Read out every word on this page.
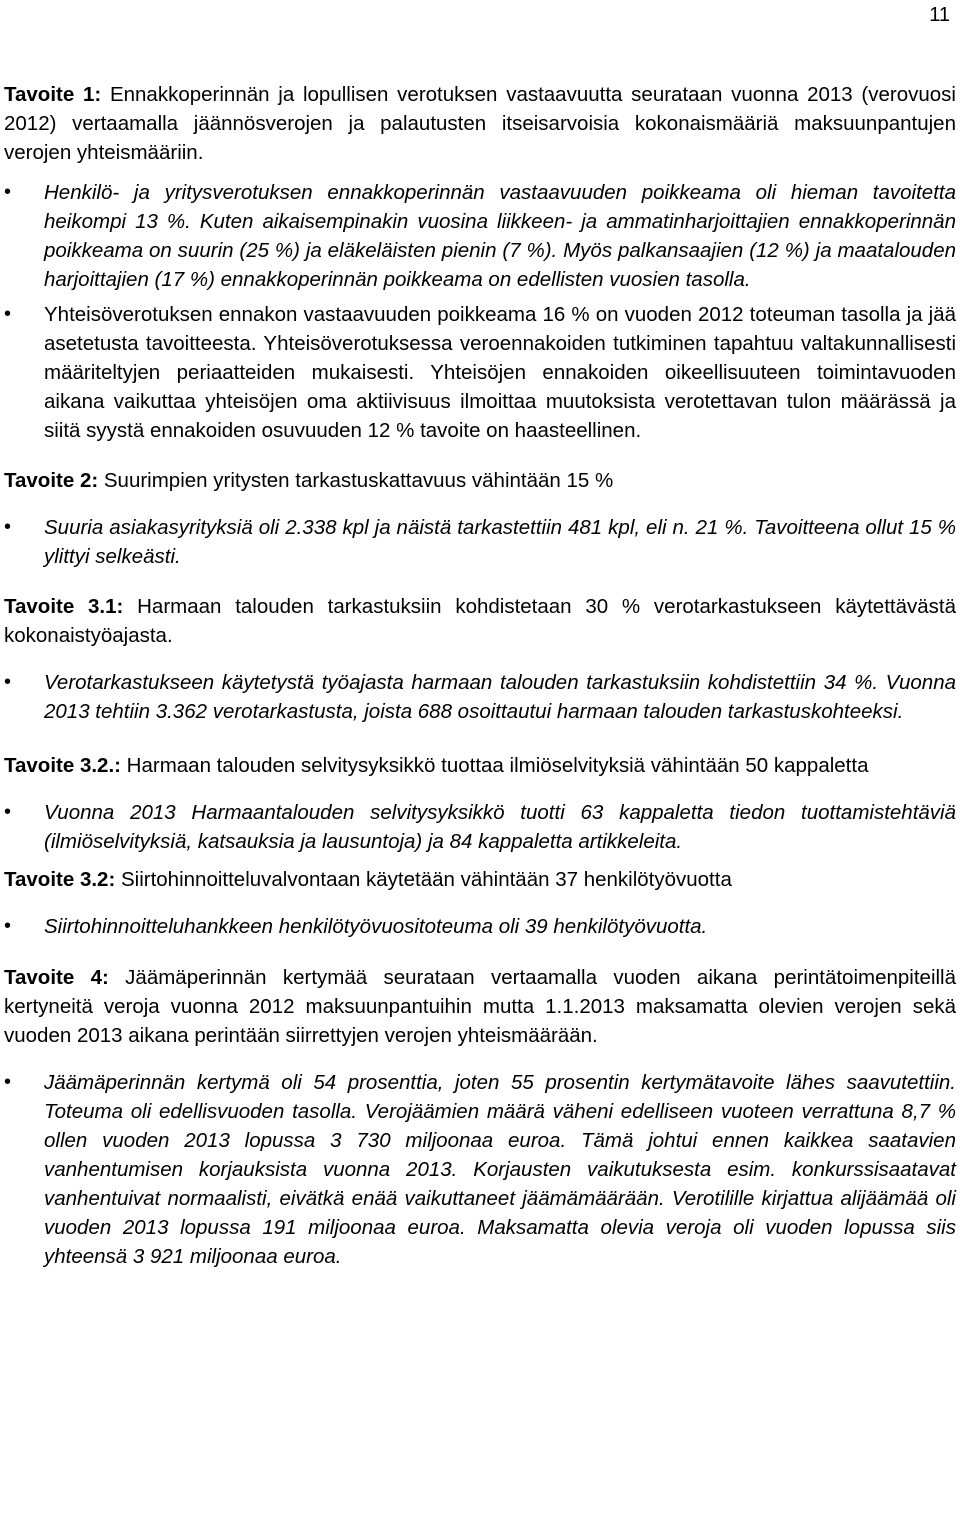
11

Tavoite 1: Ennakkoperinnän ja lopullisen verotuksen vastaavuutta seurataan vuonna 2013 (verovuosi 2012) vertaamalla jäännösverojen ja palautusten itseisarvoisia kokonaismääriä maksuunpantujen verojen yhteismääriin.

• Henkilö- ja yritysverotuksen ennakkoperinnän vastaavuuden poikkeama oli hieman tavoitetta heikompi 13 %. Kuten aikaisempinakin vuosina liikkeen- ja ammatinharjoittajien ennakkoperinnän poikkeama on suurin (25 %) ja eläkeläisten pienin (7 %). Myös palkansaajien (12 %) ja maatalouden harjoittajien (17 %) ennakkoperinnän poikkeama on edellisten vuosien tasolla.
• Yhteisöverotuksen ennakon vastaavuuden poikkeama 16 % on vuoden 2012 toteuman tasolla ja jää asetetusta tavoitteesta. Yhteisöverotuksessa veroennakoiden tutkiminen tapahtuu valtakunnallisesti määriteltyjen periaatteiden mukaisesti. Yhteisöjen ennakoiden oikeellisuuteen toimintavuoden aikana vaikuttaa yhteisöjen oma aktiivisuus ilmoittaa muutoksista verotettavan tulon määrässä ja siitä syystä ennakoiden osuvuuden 12 % tavoite on haasteellinen.

Tavoite 2: Suurimpien yritysten tarkastuskattavuus vähintään 15 %

• Suuria asiakasyrityksiä oli 2.338 kpl ja näistä tarkastettiin 481 kpl, eli n. 21 %. Tavoitteena ollut 15 % ylittyi selkeästi.

Tavoite 3.1: Harmaan talouden tarkastuksiin kohdistetaan 30 % verotarkastukseen käytettävästä kokonaistyöajasta.

• Verotarkastukseen käytetystä työajasta harmaan talouden tarkastuksiin kohdistettiin 34 %. Vuonna 2013 tehtiin 3.362 verotarkastusta, joista 688 osoittautui harmaan talouden tarkastuskohteeksi.

Tavoite 3.2.: Harmaan talouden selvitysyksikkö tuottaa ilmiöselvityksiä vähintään 50 kappaletta

• Vuonna 2013 Harmaantalouden selvitysyksikkö tuotti 63 kappaletta tiedon tuottamistehtäviä (ilmiöselvityksiä, katsauksia ja lausuntoja) ja 84 kappaletta artikkeleita.

Tavoite 3.2: Siirtohinnoitteluvalvontaan käytetään vähintään 37 henkilötyövuotta

• Siirtohinnoitteluhankkeen henkilötyövuositoteuma oli 39 henkilötyövuotta.

Tavoite 4: Jäämäperinnän kertymää seurataan vertaamalla vuoden aikana perintätoimenpiteillä kertyneitä veroja vuonna 2012 maksuunpantuihin mutta 1.1.2013 maksamatta olevien verojen sekä vuoden 2013 aikana perintään siirrettyjen verojen yhteismäärään.

• Jäämäperinnän kertymä oli 54 prosenttia, joten 55 prosentin kertymätavoite lähes saavutettiin. Toteuma oli edellisvuoden tasolla. Verojäämien määrä väheni edelliseen vuoteen verrattuna 8,7 % ollen vuoden 2013 lopussa 3 730 miljoonaa euroa. Tämä johtui ennen kaikkea saatavien vanhentumisen korjauksista vuonna 2013. Korjausten vaikutuksesta esim. konkurssisaatavat vanhentuivat normaalisti, eivätkä enää vaikuttaneet jäämämäärään. Verotilille kirjattua alijäämää oli vuoden 2013 lopussa 191 miljoonaa euroa. Maksamatta olevia veroja oli vuoden lopussa siis yhteensä 3 921 miljoonaa euroa.
